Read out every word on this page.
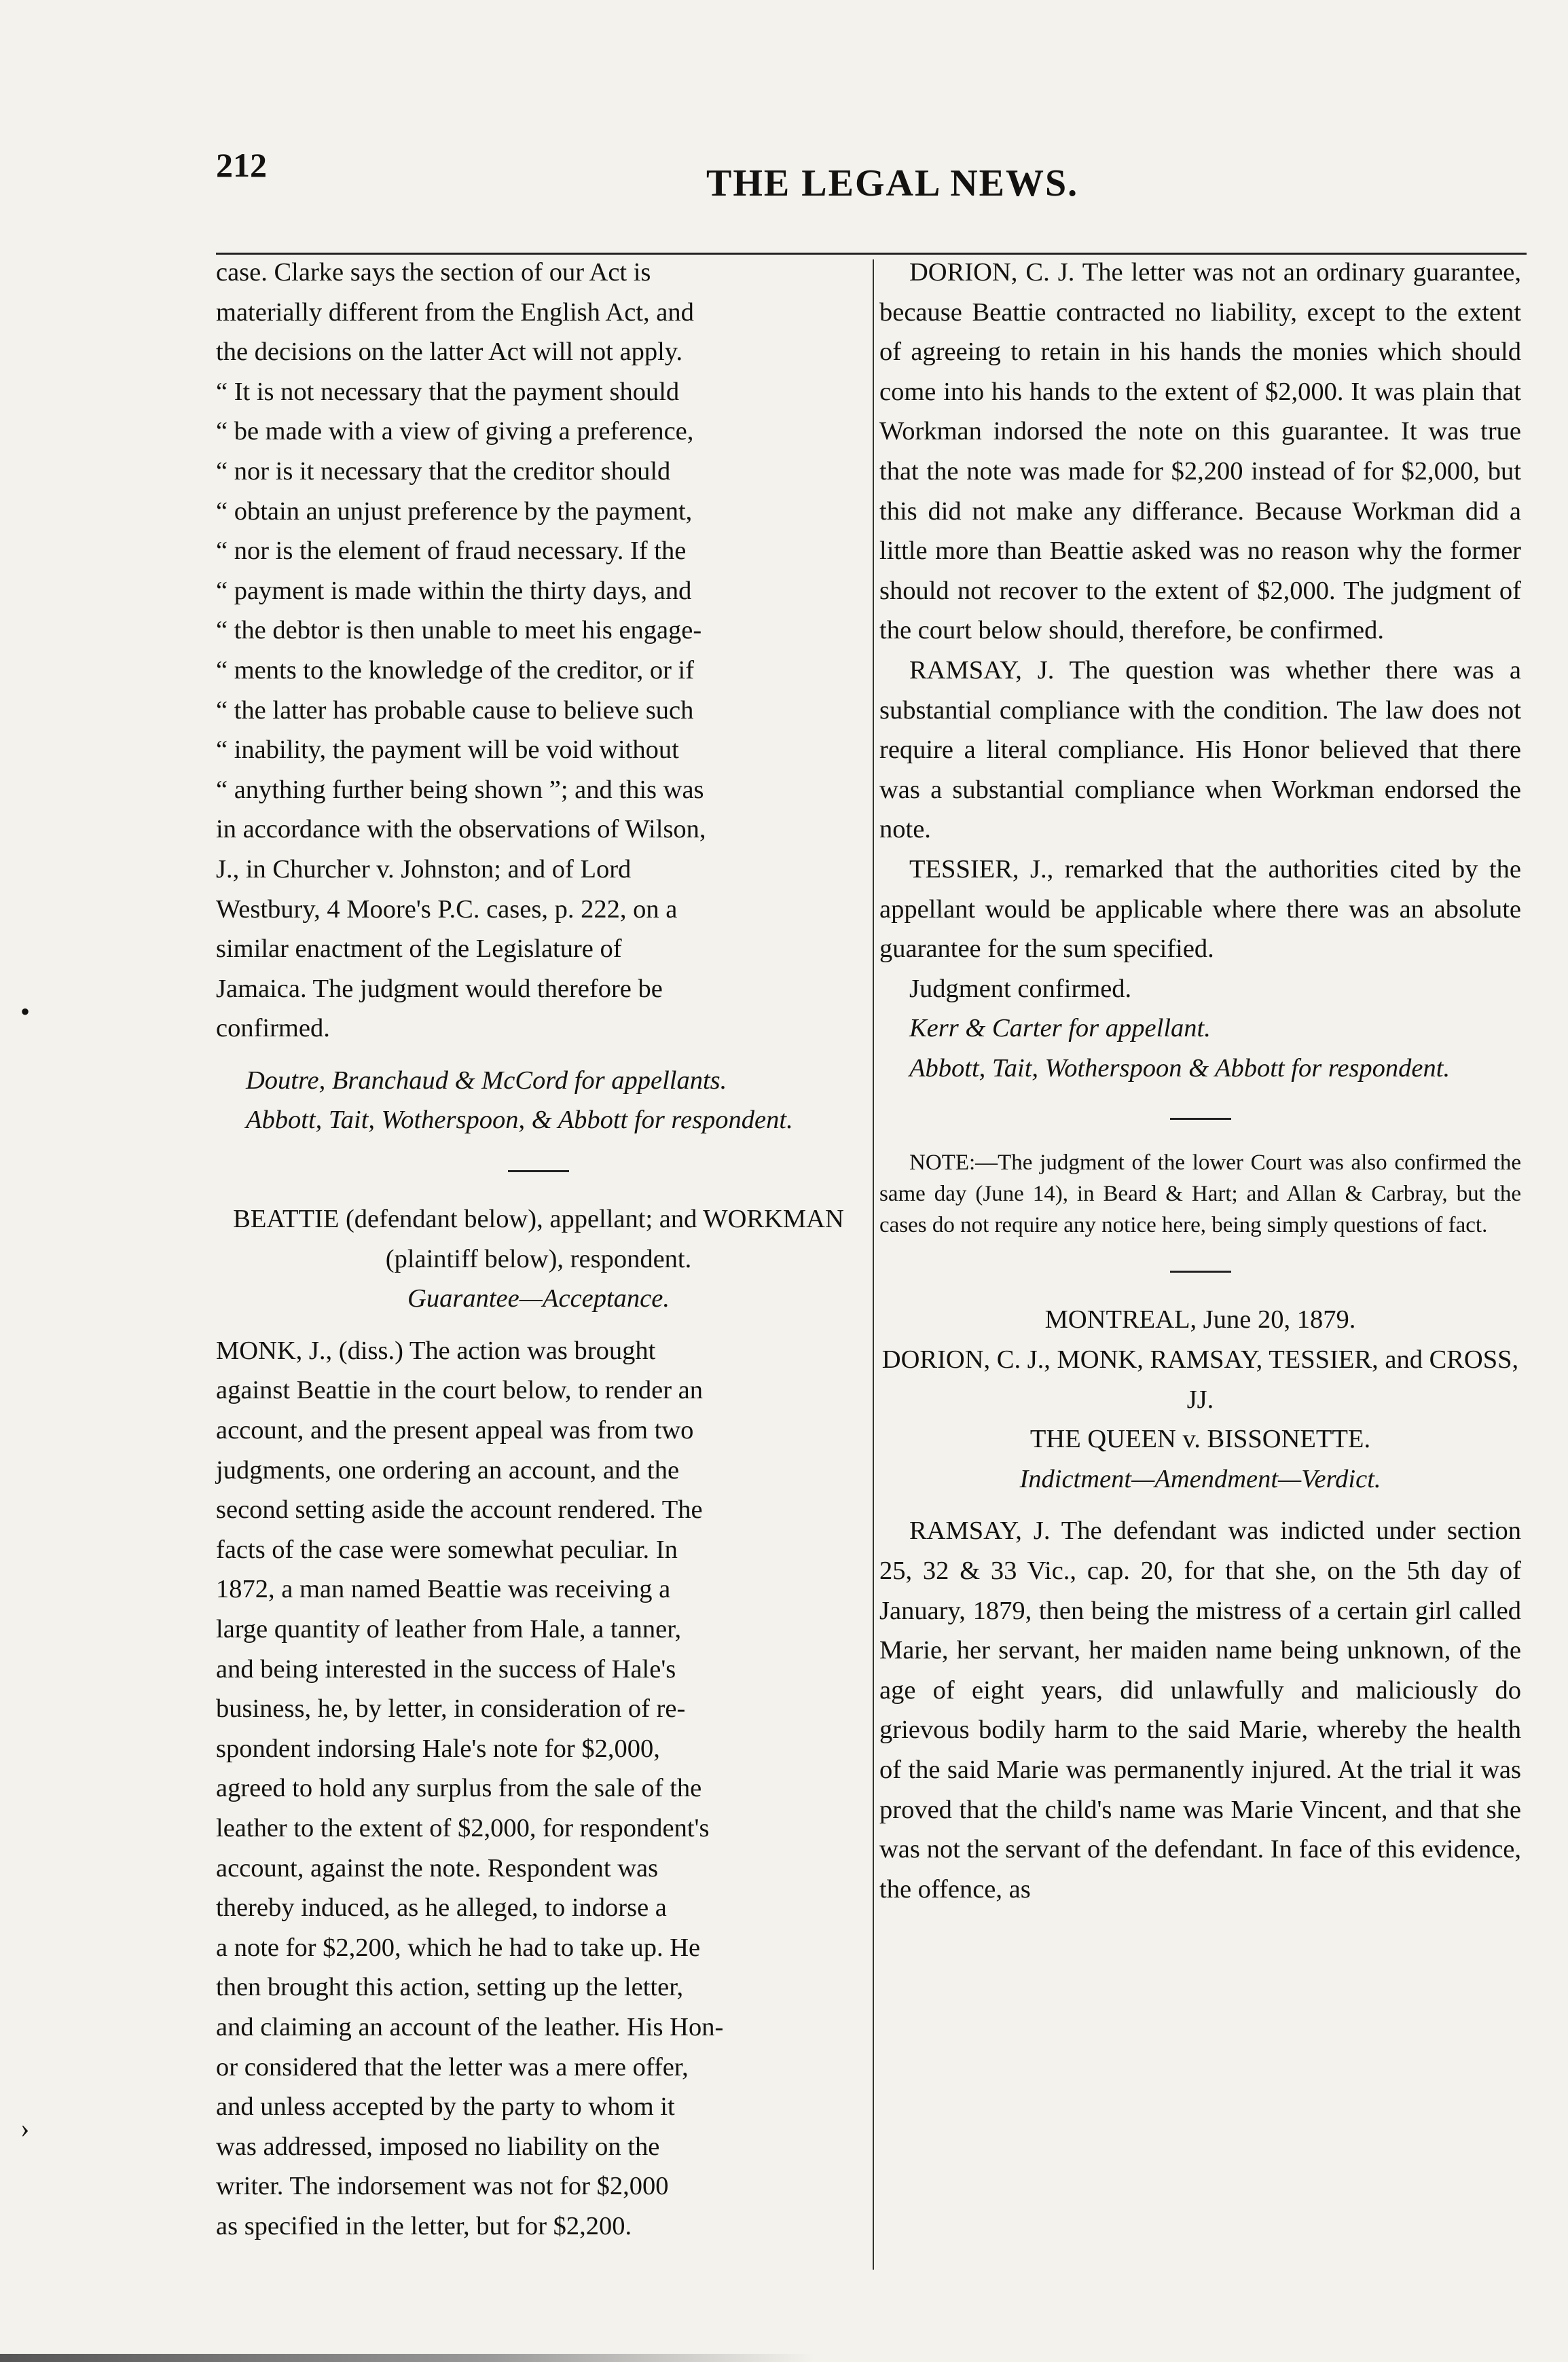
212	THE LEGAL NEWS.
case. Clarke says the section of our Act is
materially different from the English Act, and
the decisions on the latter Act will not apply.
“ It is not necessary that the payment should
“ be made with a view of giving a preference,
“ nor is it necessary that the creditor should
“ obtain an unjust preference by the payment,
“ nor is the element of fraud necessary. If the
“ payment is made within the thirty days, and
“ the debtor is then unable to meet his engage-
“ ments to the knowledge of the creditor, or if
“ the latter has probable cause to believe such
“ inability, the payment will be void without
“ anything further being shown ”; and this was
in accordance with the observations of Wilson,
J., in Churcher v. Johnston; and of Lord
Westbury, 4 Moore's P.C. cases, p. 222, on a
similar enactment of the Legislature of
Jamaica. The judgment would therefore be
confirmed.

Doutre, Branchaud & McCord for appellants.

Abbott, Tait, Wotherspoon, & Abbott for respondent.

BEATTIE (defendant below), appellant; and WORKMAN (plaintiff below), respondent.

Guarantee—Acceptance.

MONK, J., (diss.) The action was brought
against Beattie in the court below, to render an
account, and the present appeal was from two
judgments, one ordering an account, and the
second setting aside the account rendered. The
facts of the case were somewhat peculiar. In
1872, a man named Beattie was receiving a
large quantity of leather from Hale, a tanner,
and being interested in the success of Hale's
business, he, by letter, in consideration of re-
spondent indorsing Hale's note for $2,000,
agreed to hold any surplus from the sale of the
leather to the extent of $2,000, for respondent's
account, against the note. Respondent was
thereby induced, as he alleged, to indorse a
a note for $2,200, which he had to take up. He
then brought this action, setting up the letter,
and claiming an account of the leather. His Hon-
or considered that the letter was a mere offer,
and unless accepted by the party to whom it
was addressed, imposed no liability on the
writer. The indorsement was not for $2,000
as specified in the letter, but for $2,200.

DORION, C. J. The letter was not an ordinary guarantee, because Beattie contracted no liability, except to the extent of agreeing to retain in his hands the monies which should come into his hands to the extent of $2,000. It was plain that Workman indorsed the note on this guarantee. It was true that the note was made for $2,200 instead of for $2,000, but this did not make any differance. Because Workman did a little more than Beattie asked was no reason why the former should not recover to the extent of $2,000. The judgment of the court below should, therefore, be confirmed.

RAMSAY, J. The question was whether there was a substantial compliance with the condition. The law does not require a literal compliance. His Honor believed that there was a substantial compliance when Workman endorsed the note.

TESSIER, J., remarked that the authorities cited by the appellant would be applicable where there was an absolute guarantee for the sum specified.

Judgment confirmed.

Kerr & Carter for appellant.

Abbott, Tait, Wotherspoon & Abbott for respondent.

NOTE:—The judgment of the lower Court was also confirmed the same day (June 14), in Beard & Hart; and Allan & Carbray, but the cases do not require any notice here, being simply questions of fact.

MONTREAL, June 20, 1879.

DORION, C. J., MONK, RAMSAY, TESSIER, and CROSS, JJ.

THE QUEEN v. BISSONETTE.

Indictment—Amendment—Verdict.

RAMSAY, J. The defendant was indicted under section 25, 32 & 33 Vic., cap. 20, for that she, on the 5th day of January, 1879, then being the mistress of a certain girl called Marie, her servant, her maiden name being unknown, of the age of eight years, did unlawfully and maliciously do grievous bodily harm to the said Marie, whereby the health of the said Marie was permanently injured. At the trial it was proved that the child's name was Marie Vincent, and that she was not the servant of the defendant. In face of this evidence, the offence, as

•
›
